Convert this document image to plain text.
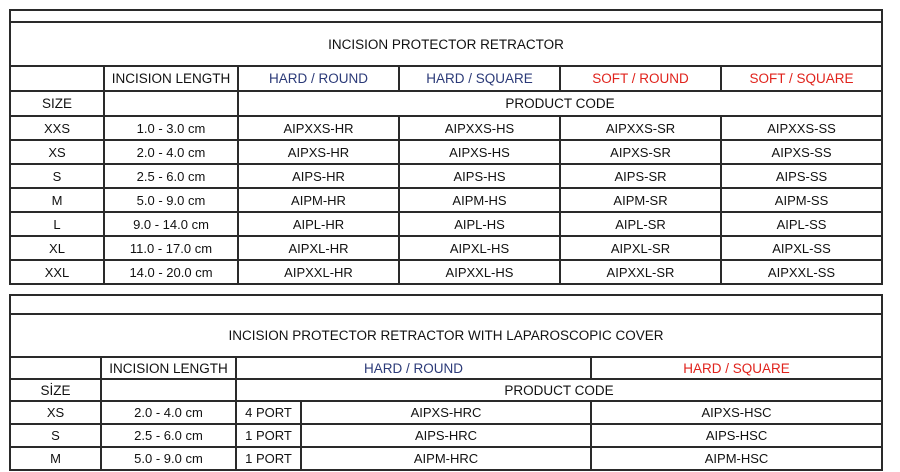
INCISION PROTECTOR RETRACTOR					
	INCISION LENGTH	HARD / ROUND	HARD / SQUARE	SOFT / ROUND	SOFT / SQUARE
SIZE		PRODUCT CODE			
XXS	1.0 - 3.0 cm	AIPXXS-HR	AIPXXS-HS	AIPXXS-SR	AIPXXS-SS
XS	2.0 - 4.0 cm	AIPXS-HR	AIPXS-HS	AIPXS-SR	AIPXS-SS
S	2.5 - 6.0 cm	AIPS-HR	AIPS-HS	AIPS-SR	AIPS-SS
M	5.0 - 9.0 cm	AIPM-HR	AIPM-HS	AIPM-SR	AIPM-SS
L	9.0 - 14.0 cm	AIPL-HR	AIPL-HS	AIPL-SR	AIPL-SS
XL	11.0 - 17.0 cm	AIPXL-HR	AIPXL-HS	AIPXL-SR	AIPXL-SS
XXL	14.0 - 20.0 cm	AIPXXL-HR	AIPXXL-HS	AIPXXL-SR	AIPXXL-SS

INCISION PROTECTOR RETRACTOR WITH LAPAROSCOPIC COVER				
	INCISION LENGTH	HARD / ROUND		HARD / SQUARE
SİZE		PRODUCT CODE		
XS	2.0 - 4.0 cm	4 PORT	AIPXS-HRC	AIPXS-HSC
S	2.5 - 6.0 cm	1 PORT	AIPS-HRC	AIPS-HSC
M	5.0 - 9.0 cm	1 PORT	AIPM-HRC	AIPM-HSC
